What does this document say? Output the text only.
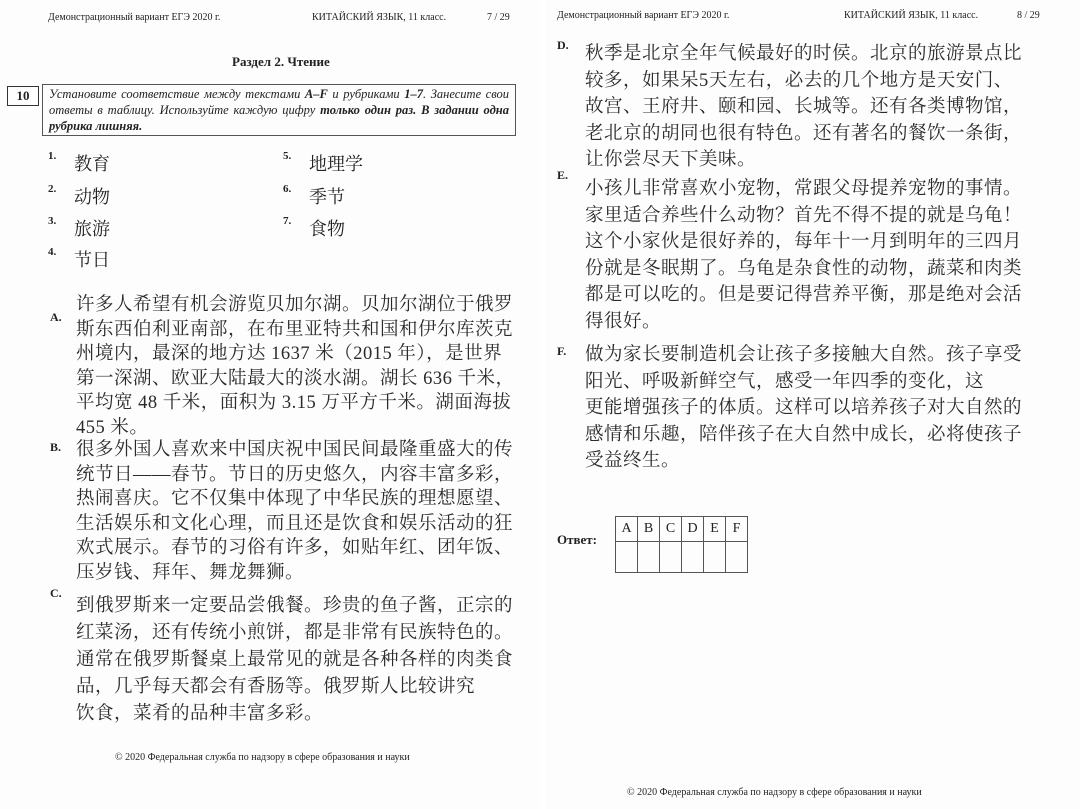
Демонстрационный вариант ЕГЭ 2020 г.	КИТАЙСКИЙ ЯЗЫК, 11 класс.	7 / 29
Раздел 2. Чтение
10	Установите соответствие между текстами A–F и рубриками 1–7. Занесите свои ответы в таблицу. Используйте каждую цифру только один раз. В задании одна рубрика лишняя.
1. 教育
2. 动物
3. 旅游
4. 节日
5. 地理学
6. 季节
7. 食物
A.
许多人希望有机会游览贝加尔湖。贝加尔湖位于俄罗
斯东西伯利亚南部，在布里亚特共和国和伊尔库茨克
州境内，最深的地方达 1637 米（2015 年），是世界
第一深湖、欧亚大陆最大的淡水湖。湖长 636 千米，
平均宽 48 千米，面积为 3.15 万平方千米。湖面海拔
455 米。
B. 很多外国人喜欢来中国庆祝中国民间最隆重盛大的传
统节日——春节。节日的历史悠久，内容丰富多彩，
热闹喜庆。它不仅集中体现了中华民族的理想愿望、
生活娱乐和文化心理，而且还是饮食和娱乐活动的狂
欢式展示。春节的习俗有许多，如贴年红、团年饭、
压岁钱、拜年、舞龙舞狮。
C.
到俄罗斯来一定要品尝俄餐。珍贵的鱼子酱，正宗的
红菜汤，还有传统小煎饼，都是非常有民族特色的。
通常在俄罗斯餐桌上最常见的就是各种各样的肉类食
品，几乎每天都会有香肠等。俄罗斯人比较讲究
饮食，菜肴的品种丰富多彩。
© 2020 Федеральная служба по надзору в сфере образования и науки
Демонстрационный вариант ЕГЭ 2020 г.	КИТАЙСКИЙ ЯЗЫК, 11 класс.	8 / 29
D. 秋季是北京全年气候最好的时侯。北京的旅游景点比
较多，如果呆5天左右，必去的几个地方是天安门、
故宫、王府井、颐和园、长城等。还有各类博物馆，
老北京的胡同也很有特色。还有著名的餐饮一条街，
让你尝尽天下美味。
E.
小孩儿非常喜欢小宠物，常跟父母提养宠物的事情。
家里适合养些什么动物？首先不得不提的就是乌龟！
这个小家伙是很好养的，每年十一月到明年的三四月
份就是冬眠期了。乌龟是杂食性的动物，蔬菜和肉类
都是可以吃的。但是要记得营养平衡，那是绝对会活
得很好。
F. 做为家长要制造机会让孩子多接触大自然。孩子享受
阳光、呼吸新鲜空气，感受一年四季的变化，这
更能增强孩子的体质。这样可以培养孩子对大自然的
感情和乐趣，陪伴孩子在大自然中成长，必将使孩子
受益终生。
Ответ:
A	B	C	D	E	F

© 2020 Федеральная служба по надзору в сфере образования и науки
